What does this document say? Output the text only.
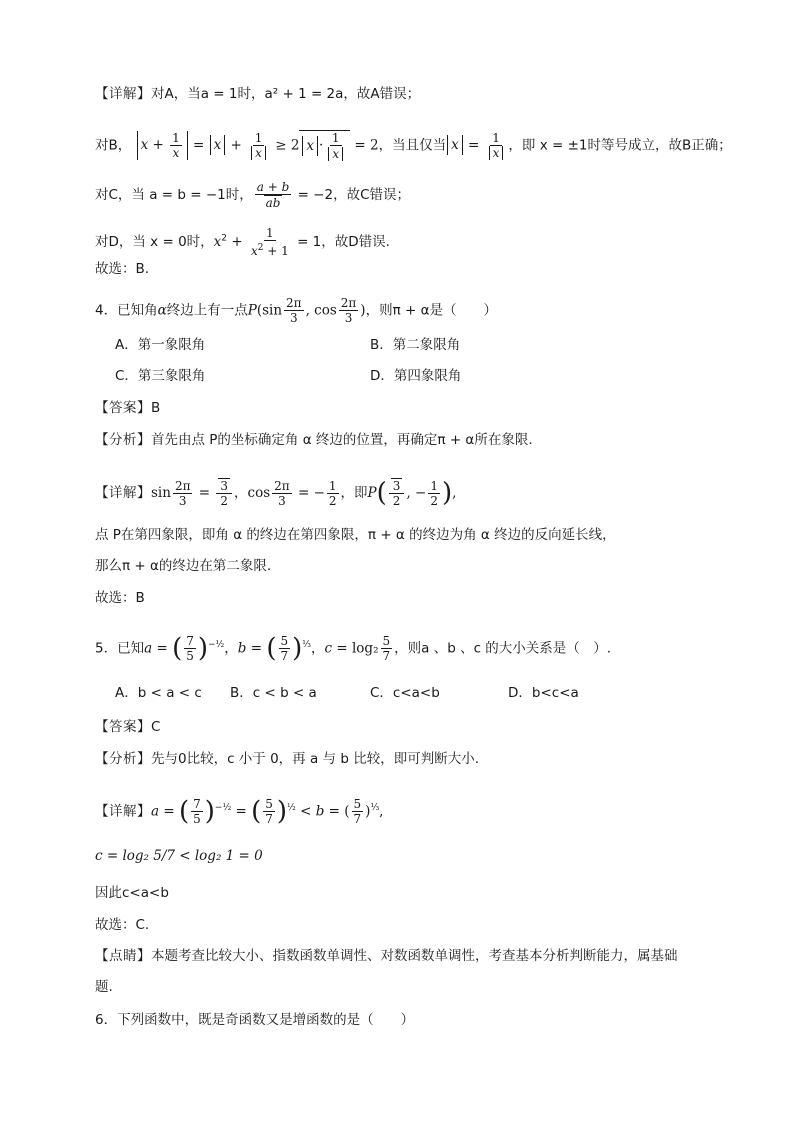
【详解】对A，当a = 1时，a² + 1 = 2a，故A错误；
对B， $x + \frac{1}{x} = x + \frac{1}{x} \ge 2$ $x \cdot \frac{1}{x} = 2$，当且仅当 $x = \frac{1}{x}$ ，即 x = ±1时等号成立，故B正确；
对C，当 a = b = −1时， $\frac{a + b}{ab} = -2$，故C错误；
对D，当 x = 0时，$x^2 + \frac{1}{x^2 + 1} = 1$，故D错误.
故选：B.
4．已知角α终边上有一点$P(\sin \frac{2\pi}{3}$ , $\cos \frac{2\pi}{3}$ )，则π + α是（　　）
A．第一象限角	B．第二象限角
C．第三象限角	D．第四象限角
【答案】B
【分析】首先由点 P的坐标确定角 α 终边的位置，再确定π + α所在象限.
【详解】$\sin \frac{2\pi}{3} = \frac{3}{2}$ ，$\cos \frac{2\pi}{3}$ = − $\frac{1}{2}$ ，即$P( \frac{3}{2}$ , − $\frac{1}{2}$ ),
点 P在第四象限，即角 α 的终边在第四象限，π + α 的终边为角 α 终边的反向延长线，
那么π + α的终边在第二象限.
故选：B
5．已知a = ( $\frac{7}{5} )^{-\frac{1}{2}}$，b = ( $\frac{5}{7} )^{\frac{1}{3}}$，$c = \log_2 \frac{5}{7}$ ，则a 、b 、c 的大小关系是（　）.
A．b < a < c B．c < b < a	C．c<a<b	D．b<c<a
【答案】C
【分析】先与0比较，c 小于 0，再 a 与 b 比较，即可判断大小.
【详解】a = ( $\frac{7}{5} )^{-\frac{1}{2}}$ = ( $\frac{5}{7} )^{\frac{1}{2}} < b$ = ( $\frac{5}{7} )^{\frac{1}{3}}$,
c = log₂ 5/7 < log₂ 1 = 0
因此c<a<b
故选：C.
【点睛】本题考查比较大小、指数函数单调性、对数函数单调性，考查基本分析判断能力，属基础
题.
6．下列函数中，既是奇函数又是增函数的是（　　）
